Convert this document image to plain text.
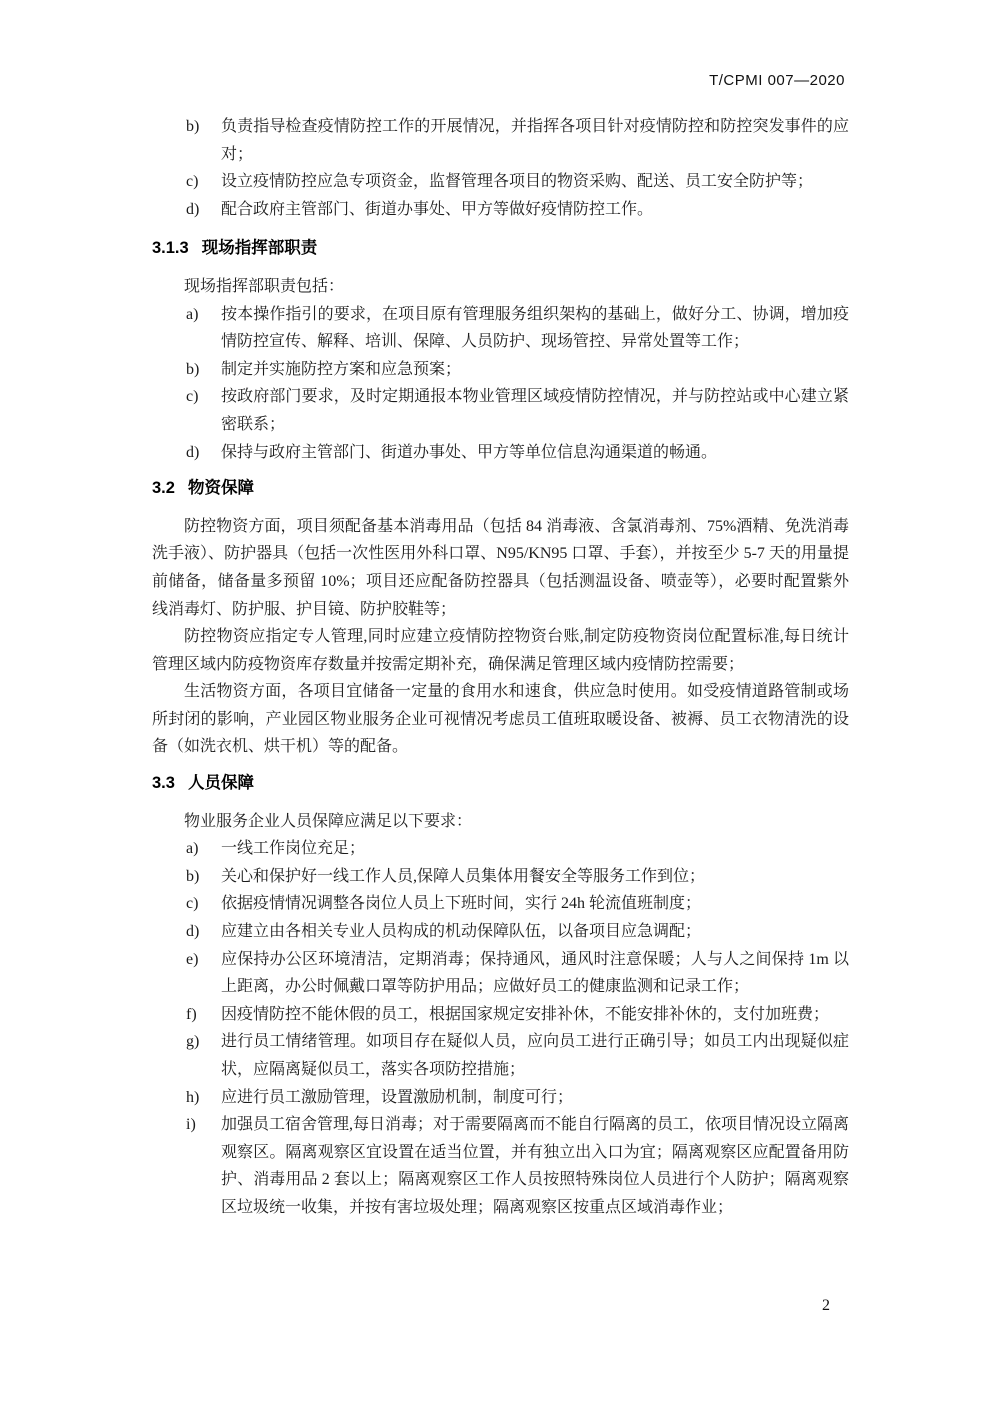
T/CPMI 007—2020
b)	负责指导检查疫情防控工作的开展情况，并指挥各项目针对疫情防控和防控突发事件的应对；
c)	设立疫情防控应急专项资金，监督管理各项目的物资采购、配送、员工安全防护等；
d)	配合政府主管部门、街道办事处、甲方等做好疫情防控工作。
3.1.3 现场指挥部职责

现场指挥部职责包括：

a)	按本操作指引的要求，在项目原有管理服务组织架构的基础上，做好分工、协调，增加疫情防控宣传、解释、培训、保障、人员防护、现场管控、异常处置等工作；
b)	制定并实施防控方案和应急预案；
c)	按政府部门要求，及时定期通报本物业管理区域疫情防控情况，并与防控站或中心建立紧密联系；
d)	保持与政府主管部门、街道办事处、甲方等单位信息沟通渠道的畅通。
3.2 物资保障

防控物资方面，项目须配备基本消毒用品（包括 84 消毒液、含氯消毒剂、75%酒精、免洗消毒洗手液）、防护器具（包括一次性医用外科口罩、N95/KN95 口罩、手套），并按至少 5-7 天的用量提前储备，储备量多预留 10%；项目还应配备防控器具（包括测温设备、喷壶等），必要时配置紫外线消毒灯、防护服、护目镜、防护胶鞋等；

防控物资应指定专人管理,同时应建立疫情防控物资台账,制定防疫物资岗位配置标准,每日统计管理区域内防疫物资库存数量并按需定期补充，确保满足管理区域内疫情防控需要；

生活物资方面，各项目宜储备一定量的食用水和速食，供应急时使用。如受疫情道路管制或场所封闭的影响，产业园区物业服务企业可视情况考虑员工值班取暖设备、被褥、员工衣物清洗的设备（如洗衣机、烘干机）等的配备。

3.3 人员保障

物业服务企业人员保障应满足以下要求：

a)	一线工作岗位充足；
b)	关心和保护好一线工作人员,保障人员集体用餐安全等服务工作到位；
c)	依据疫情情况调整各岗位人员上下班时间，实行 24h 轮流值班制度；
d)	应建立由各相关专业人员构成的机动保障队伍，以备项目应急调配；
e)	应保持办公区环境清洁，定期消毒；保持通风，通风时注意保暖；人与人之间保持 1m 以上距离，办公时佩戴口罩等防护用品；应做好员工的健康监测和记录工作；
f)	因疫情防控不能休假的员工，根据国家规定安排补休，不能安排补休的，支付加班费；
g)	进行员工情绪管理。如项目存在疑似人员，应向员工进行正确引导；如员工内出现疑似症状，应隔离疑似员工，落实各项防控措施；
h)	应进行员工激励管理，设置激励机制，制度可行；
i)	加强员工宿舍管理,每日消毒；对于需要隔离而不能自行隔离的员工，依项目情况设立隔离观察区。隔离观察区宜设置在适当位置，并有独立出入口为宜；隔离观察区应配置备用防护、消毒用品 2 套以上；隔离观察区工作人员按照特殊岗位人员进行个人防护；隔离观察区垃圾统一收集，并按有害垃圾处理；隔离观察区按重点区域消毒作业；
2
